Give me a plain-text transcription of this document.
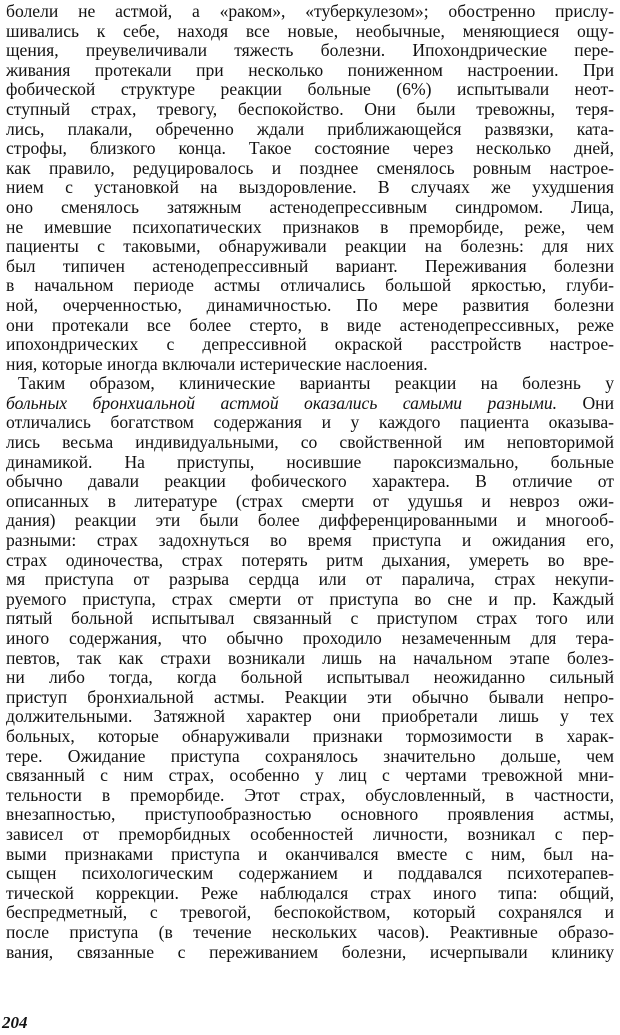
болели не астмой, а «раком», «туберкулезом»; обостренно прислу-
шивались к себе, находя все новые, необычные, меняющиеся ощу-
щения, преувеличивали тяжесть болезни. Ипохондрические пере-
живания протекали при несколько пониженном настроении. При
фобической структуре реакции больные (6%) испытывали неот-
ступный страх, тревогу, беспокойство. Они были тревожны, теря-
лись, плакали, обреченно ждали приближающейся развязки, ката-
строфы, близкого конца. Такое состояние через несколько дней,
как правило, редуцировалось и позднее сменялось ровным настрое-
нием с установкой на выздоровление. В случаях же ухудшения
оно сменялось затяжным астенодепрессивным синдромом. Лица,
не имевшие психопатических признаков в преморбиде, реже, чем
пациенты с таковыми, обнаруживали реакции на болезнь: для них
был типичен астенодепрессивный вариант. Переживания болезни
в начальном периоде астмы отличались большой яркостью, глуби-
ной, очерченностью, динамичностью. По мере развития болезни
они протекали все более стерто, в виде астенодепрессивных, реже
ипохондрических с депрессивной окраской расстройств настрое-
ния, которые иногда включали истерические наслоения.
Таким образом, клинические варианты реакции на болезнь у
больных бронхиальной астмой оказались самыми разными. Они
отличались богатством содержания и у каждого пациента оказыва-
лись весьма индивидуальными, со свойственной им неповторимой
динамикой. На приступы, носившие пароксизмально, больные
обычно давали реакции фобического характера. В отличие от
описанных в литературе (страх смерти от удушья и невроз ожи-
дания) реакции эти были более дифференцированными и многооб-
разными: страх задохнуться во время приступа и ожидания его,
страх одиночества, страх потерять ритм дыхания, умереть во вре-
мя приступа от разрыва сердца или от паралича, страх некупи-
руемого приступа, страх смерти от приступа во сне и пр. Каждый
пятый больной испытывал связанный с приступом страх того или
иного содержания, что обычно проходило незамеченным для тера-
певтов, так как страхи возникали лишь на начальном этапе болез-
ни либо тогда, когда больной испытывал неожиданно сильный
приступ бронхиальной астмы. Реакции эти обычно бывали непро-
должительными. Затяжной характер они приобретали лишь у тех
больных, которые обнаруживали признаки тормозимости в харак-
тере. Ожидание приступа сохранялось значительно дольше, чем
связанный с ним страх, особенно у лиц с чертами тревожной мни-
тельности в преморбиде. Этот страх, обусловленный, в частности,
внезапностью, приступообразностью основного проявления астмы,
зависел от преморбидных особенностей личности, возникал с пер-
выми признаками приступа и оканчивался вместе с ним, был на-
сыщен психологическим содержанием и поддавался психотерапев-
тической коррекции. Реже наблюдался страх иного типа: общий,
беспредметный, с тревогой, беспокойством, который сохранялся и
после приступа (в течение нескольких часов). Реактивные образо-
вания, связанные с переживанием болезни, исчерпывали клинику
204
